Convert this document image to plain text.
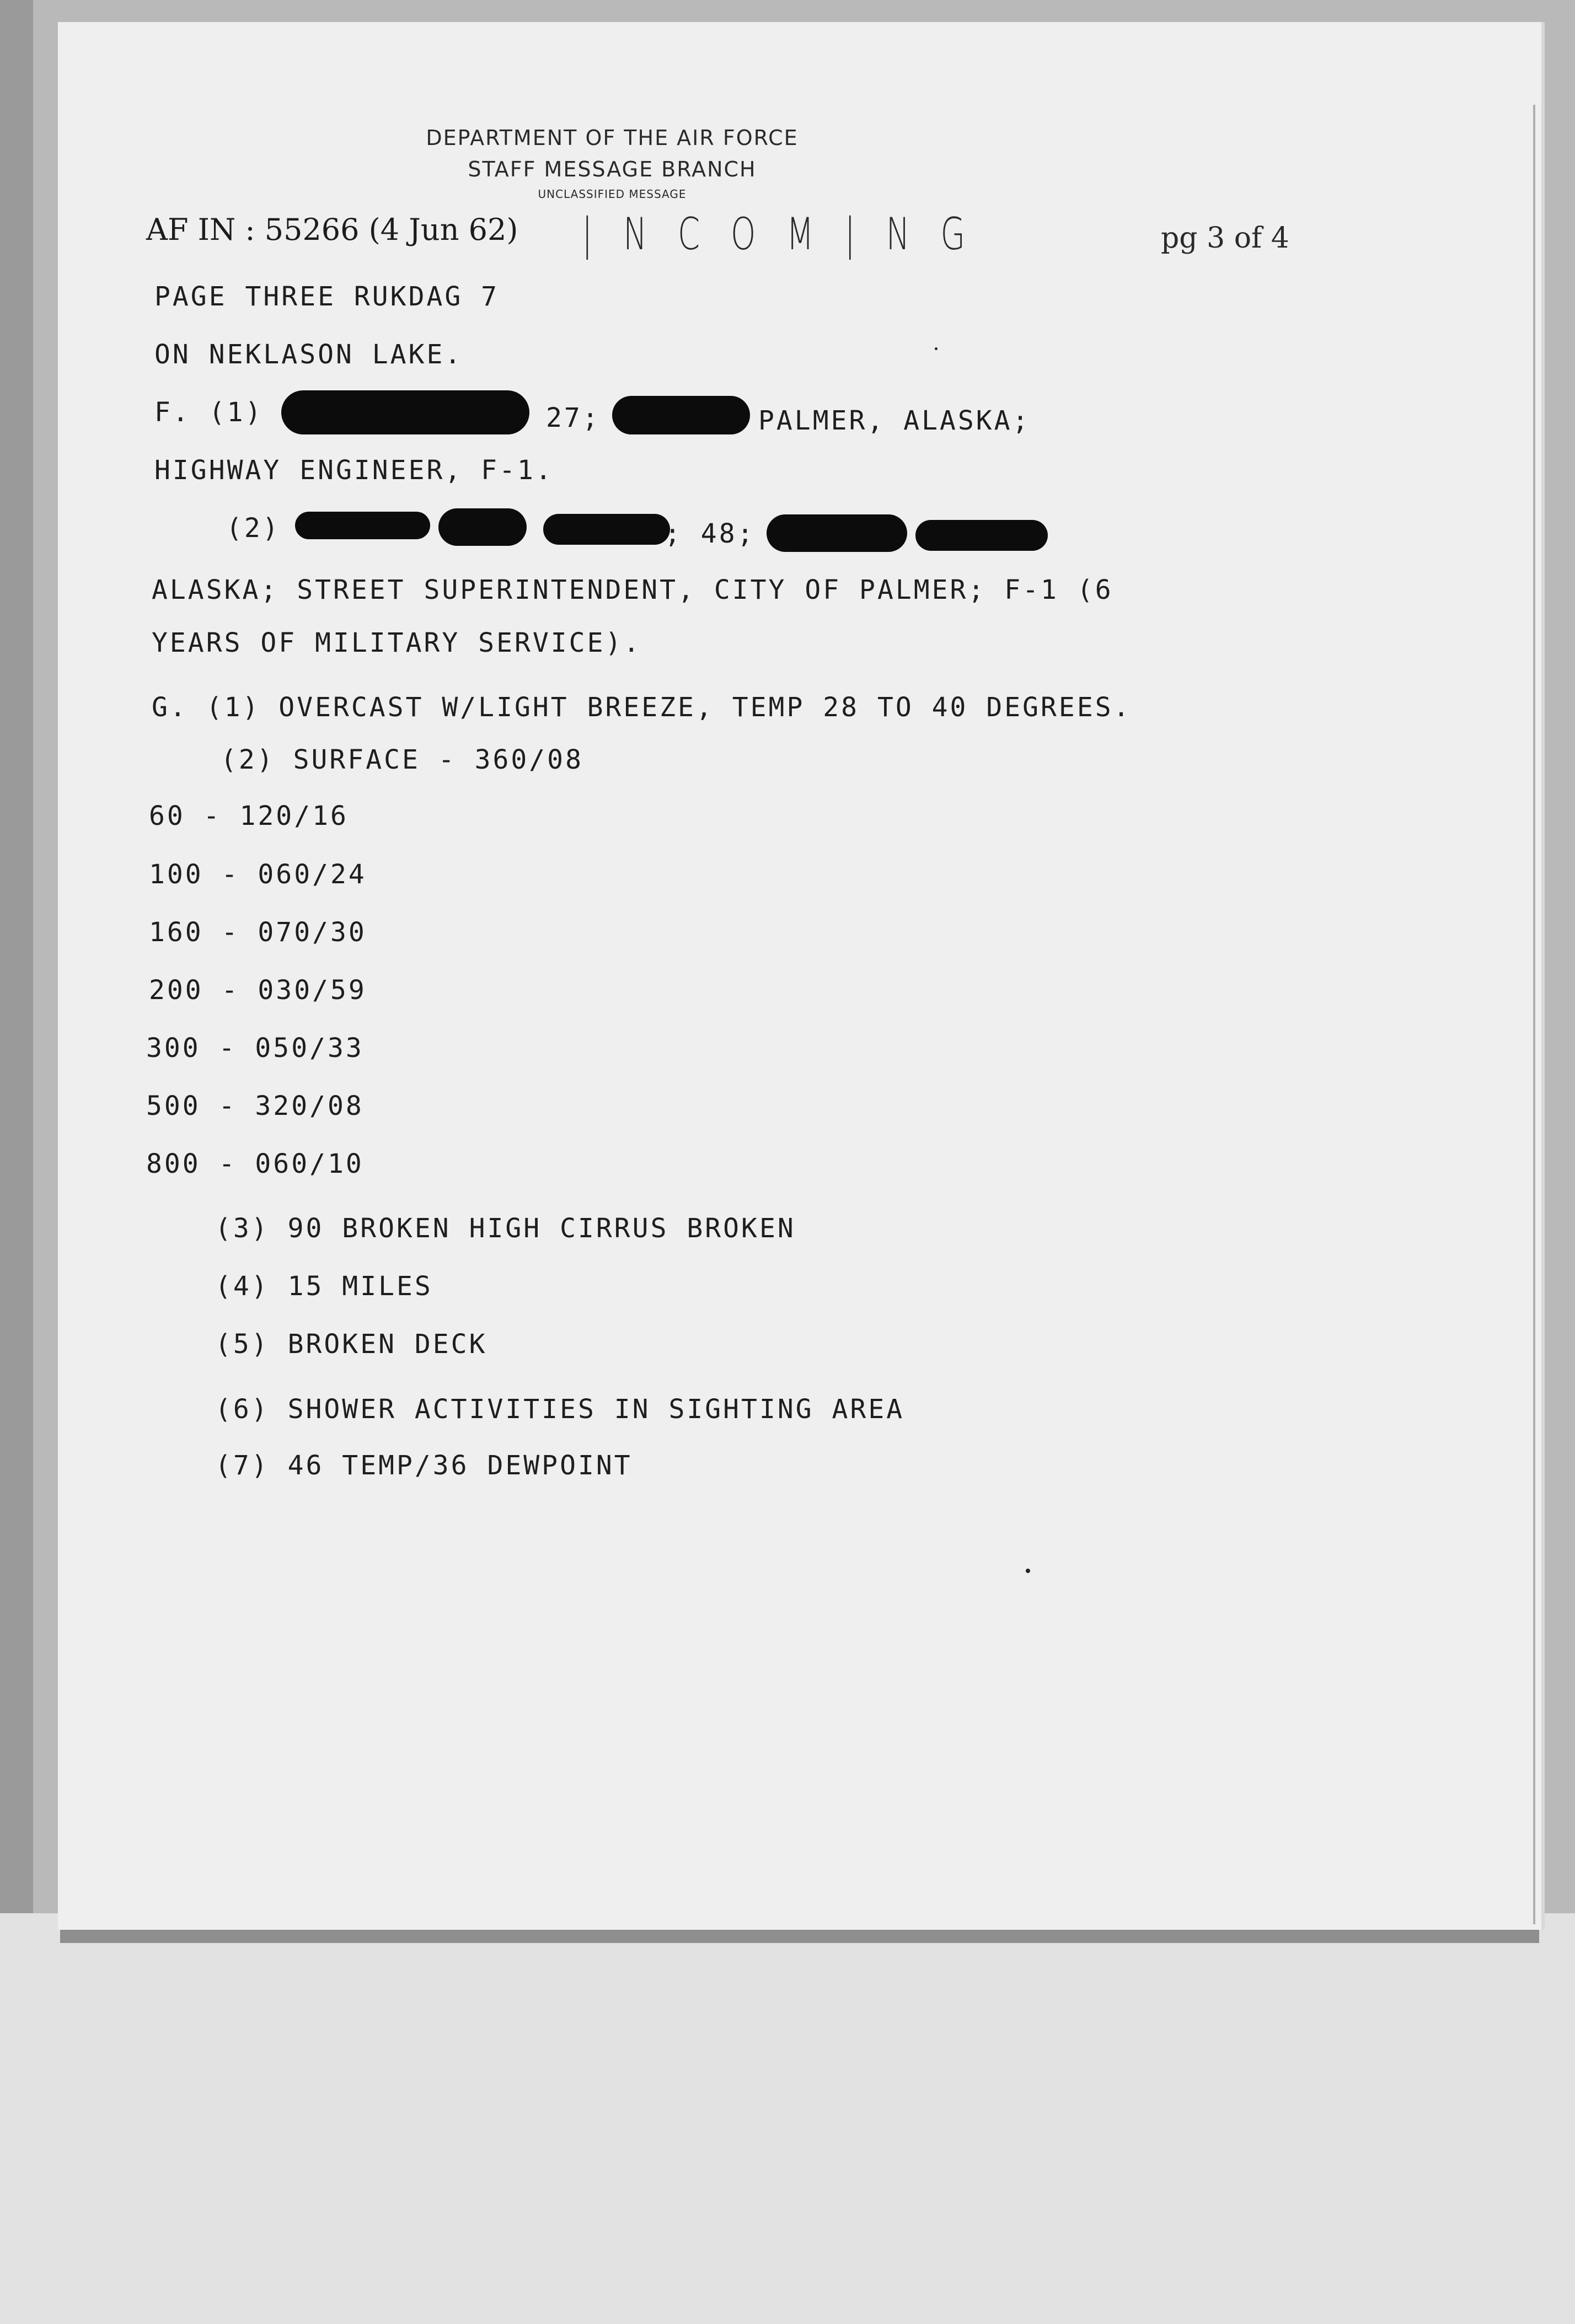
DEPARTMENT OF THE AIR FORCE
STAFF MESSAGE BRANCH
UNCLASSIFIED MESSAGE
AF IN : 55266 (4 Jun 62) | N C O M | N G	pg 3 of 4
PAGE THREE RUKDAG 7
ON NEKLASON LAKE.
F. (1)	27;	PALMER, ALASKA;
HIGHWAY ENGINEER, F-1.
(2)	; 48;
ALASKA; STREET SUPERINTENDENT, CITY OF PALMER; F-1 (6
YEARS OF MILITARY SERVICE).
G. (1) OVERCAST W/LIGHT BREEZE, TEMP 28 TO 40 DEGREES.
(2) SURFACE - 360/08
60 - 120/16
100 - 060/24
160 - 070/30
200 - 030/59
300 - 050/33
500 - 320/08
800 - 060/10
(3) 90 BROKEN HIGH CIRRUS BROKEN
(4) 15 MILES
(5) BROKEN DECK
(6) SHOWER ACTIVITIES IN SIGHTING AREA
(7) 46 TEMP/36 DEWPOINT
